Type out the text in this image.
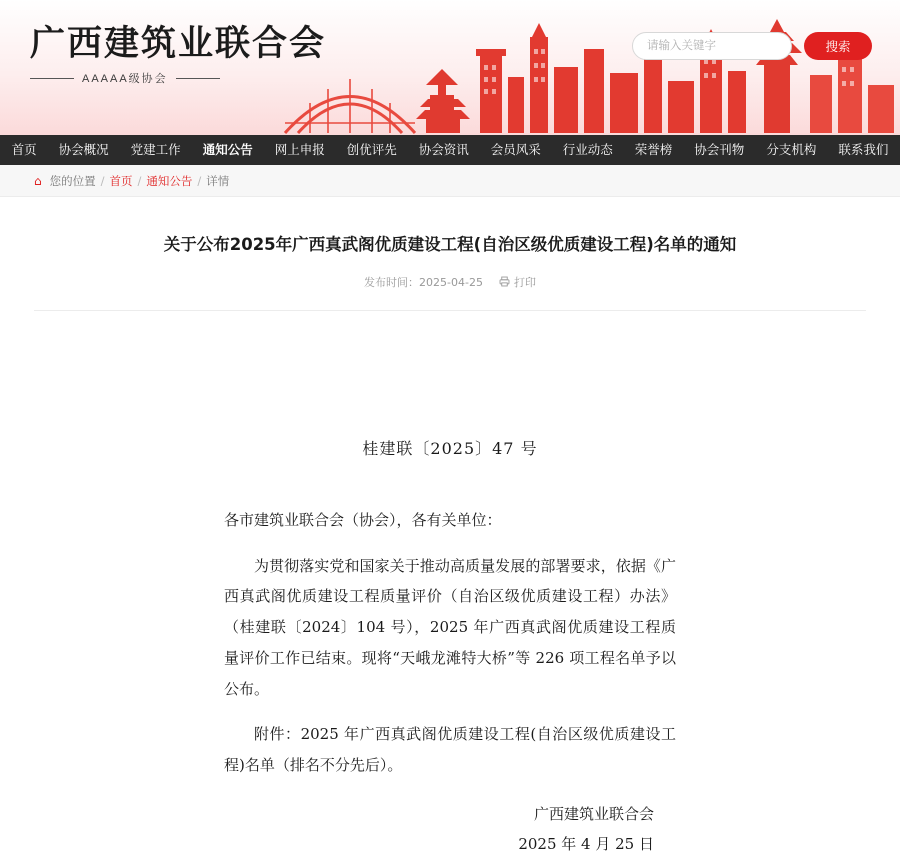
广西建筑业联合会
AAAAA级协会
请输入关键字
搜索
首页	协会概况	党建工作	通知公告	网上申报	创优评先	协会资讯	会员风采	行业动态	荣誉榜	协会刊物	分支机构	联系我们
⌂ 您的位置 / 首页 / 通知公告 / 详情
关于公布2025年广西真武阁优质建设工程(自治区级优质建设工程)名单的通知
发布时间：2025-04-25	打印
桂建联〔2025〕47 号
各市建筑业联合会（协会），各有关单位：

为贯彻落实党和国家关于推动高质量发展的部署要求，依据《广西真武阁优质建设工程质量评价（自治区级优质建设工程）办法》（桂建联〔2024〕104 号），2025 年广西真武阁优质建设工程质量评价工作已结束。现将“天峨龙滩特大桥”等 226 项工程名单予以公布。

附件：2025 年广西真武阁优质建设工程(自治区级优质建设工程)名单（排名不分先后）。

广西建筑业联合会
2025 年 4 月 25 日
